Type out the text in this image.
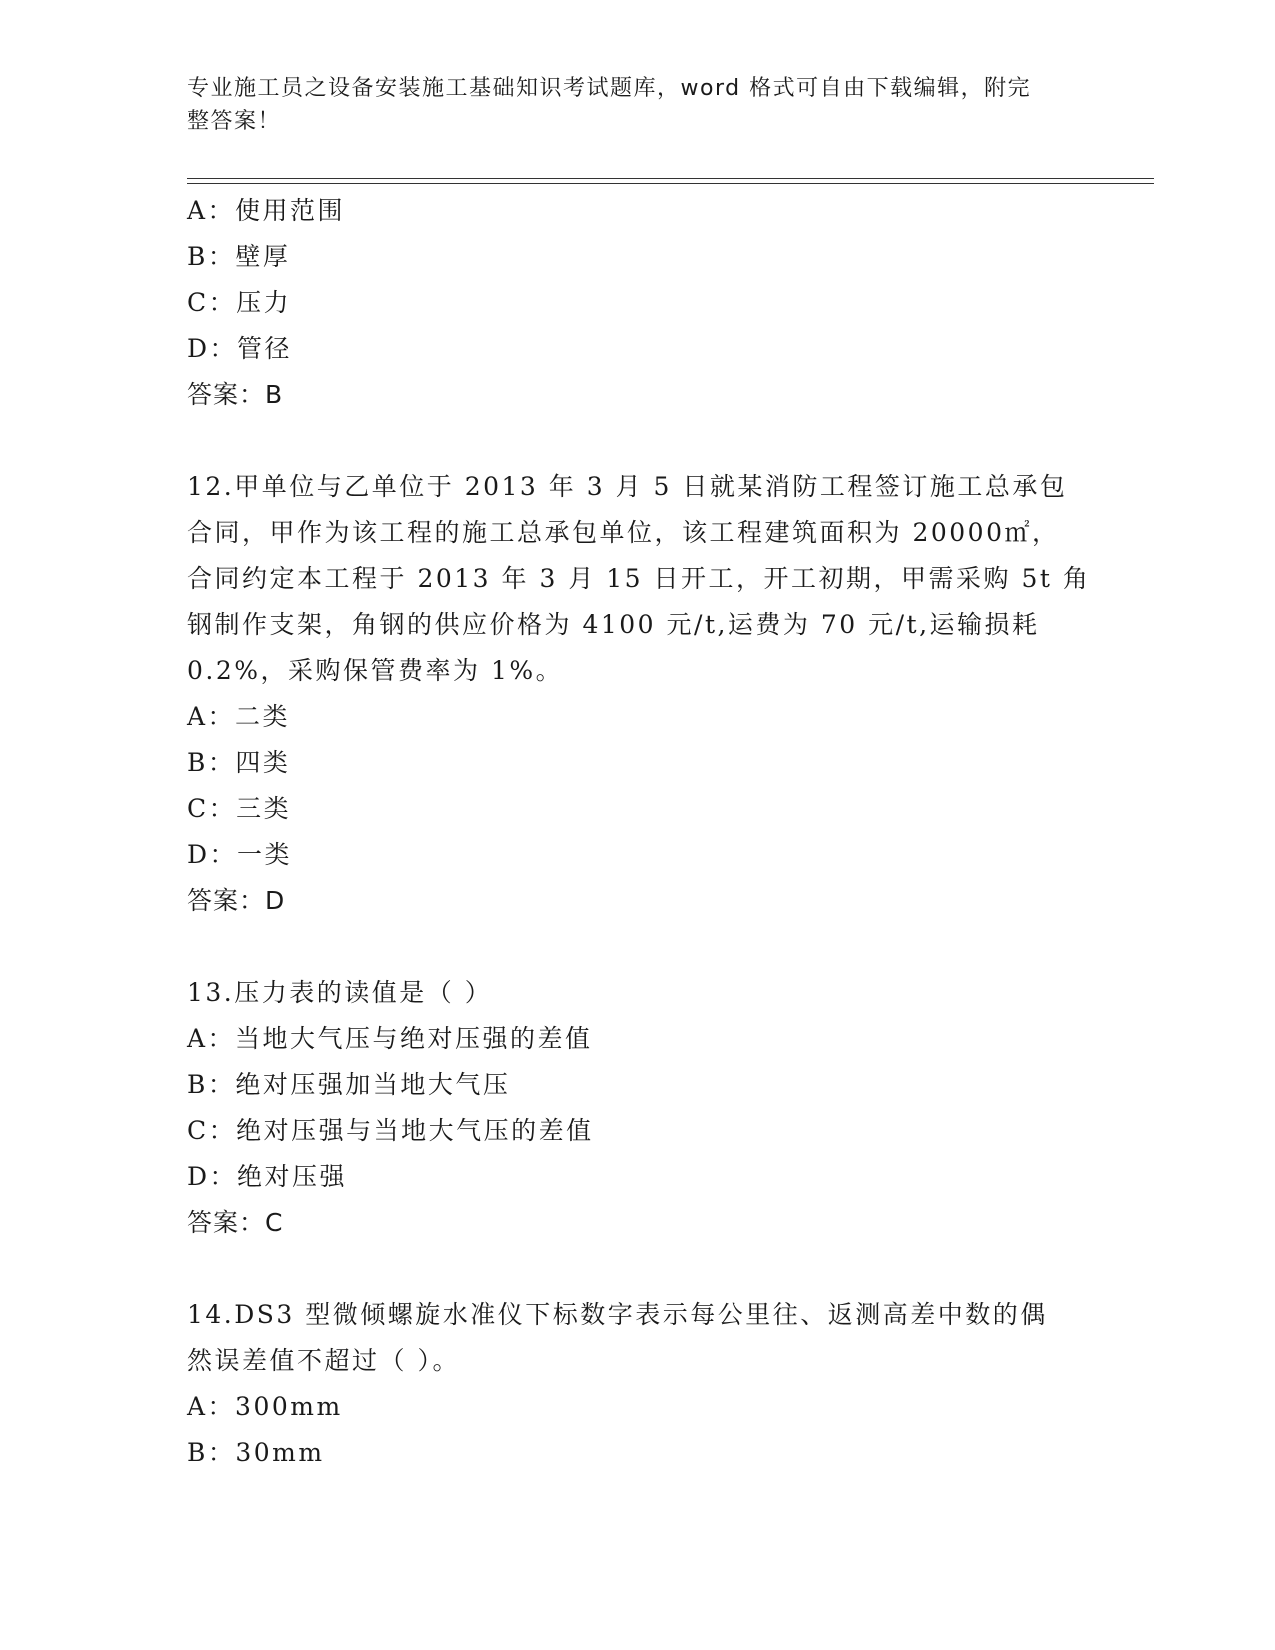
专业施工员之设备安装施工基础知识考试题库，word 格式可自由下载编辑，附完
整答案！
A：使用范围
B：壁厚
C：压力
D：管径
答案：B
12.甲单位与乙单位于 2013 年 3 月 5 日就某消防工程签订施工总承包
合同，甲作为该工程的施工总承包单位，该工程建筑面积为 20000㎡，
合同约定本工程于 2013 年 3 月 15 日开工，开工初期，甲需采购 5t 角
钢制作支架，角钢的供应价格为 4100 元/t,运费为 70 元/t,运输损耗
0.2%，采购保管费率为 1%。
A：二类
B：四类
C：三类
D：一类
答案：D
13.压力表的读值是（ ）
A：当地大气压与绝对压强的差值
B：绝对压强加当地大气压
C：绝对压强与当地大气压的差值
D：绝对压强
答案：C
14.DS3 型微倾螺旋水准仪下标数字表示每公里往、返测高差中数的偶
然误差值不超过（ ）。
A：300mm
B：30mm
